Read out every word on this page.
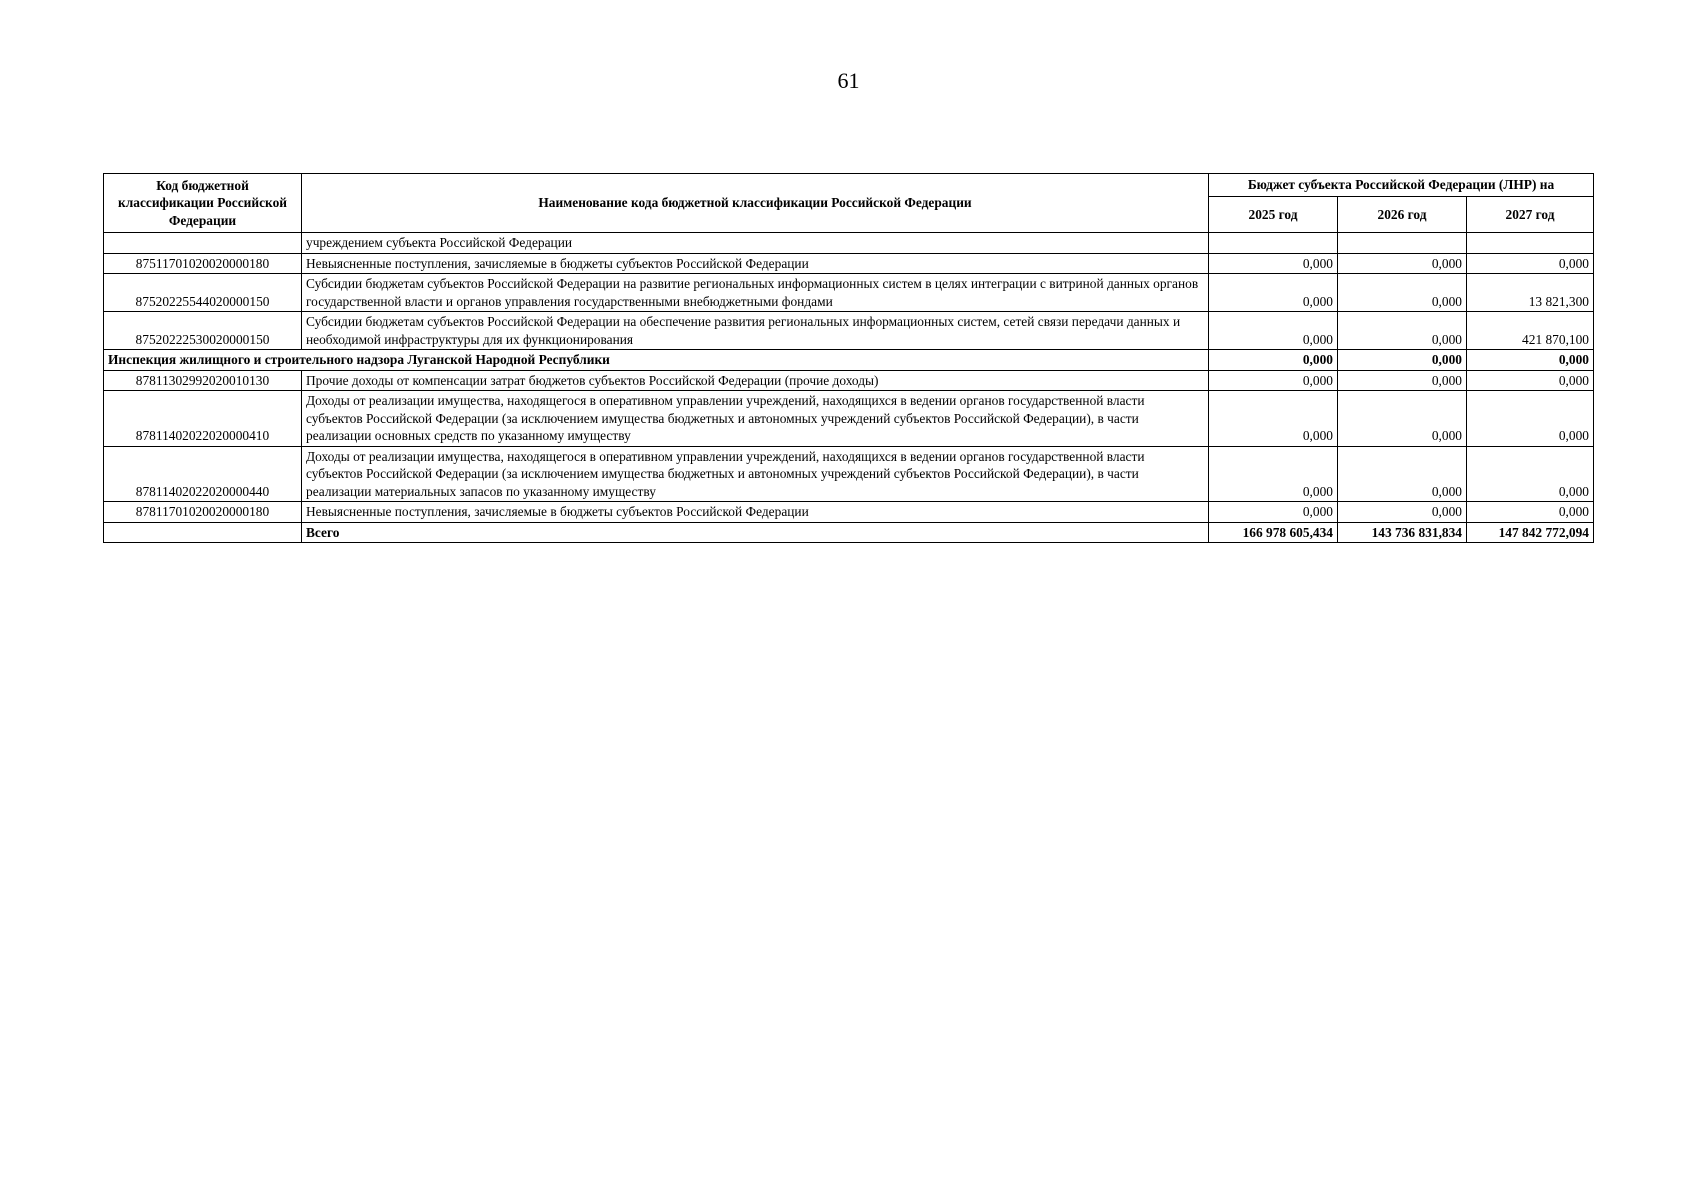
61
Код бюджетной классификации Российской Федерации	Наименование кода бюджетной классификации Российской Федерации	Бюджет субъекта Российской Федерации (ЛНР) на		
		2025 год	2026 год	2027 год
	учреждением субъекта Российской Федерации			
87511701020020000180	Невыясненные поступления, зачисляемые в бюджеты субъектов Российской Федерации	0,000	0,000	0,000
87520225544020000150	Субсидии бюджетам субъектов Российской Федерации на развитие региональных информационных систем в целях интеграции с витриной данных органов государственной власти и органов управления государственными внебюджетными фондами	0,000	0,000	13 821,300
87520222530020000150	Субсидии бюджетам субъектов Российской Федерации на обеспечение развития региональных информационных систем, сетей связи передачи данных и необходимой инфраструктуры для их функционирования	0,000	0,000	421 870,100
Инспекция жилищного и строительного надзора Луганской Народной Республики		0,000	0,000	0,000
87811302992020010130	Прочие доходы от компенсации затрат бюджетов субъектов Российской Федерации (прочие доходы)	0,000	0,000	0,000
87811402022020000410	Доходы от реализации имущества, находящегося в оперативном управлении учреждений, находящихся в ведении органов государственной власти субъектов Российской Федерации (за исключением имущества бюджетных и автономных учреждений субъектов Российской Федерации), в части реализации основных средств по указанному имуществу	0,000	0,000	0,000
87811402022020000440	Доходы от реализации имущества, находящегося в оперативном управлении учреждений, находящихся в ведении органов государственной власти субъектов Российской Федерации (за исключением имущества бюджетных и автономных учреждений субъектов Российской Федерации), в части реализации материальных запасов по указанному имуществу	0,000	0,000	0,000
87811701020020000180	Невыясненные поступления, зачисляемые в бюджеты субъектов Российской Федерации	0,000	0,000	0,000
	Всего	166 978 605,434	143 736 831,834	147 842 772,094
